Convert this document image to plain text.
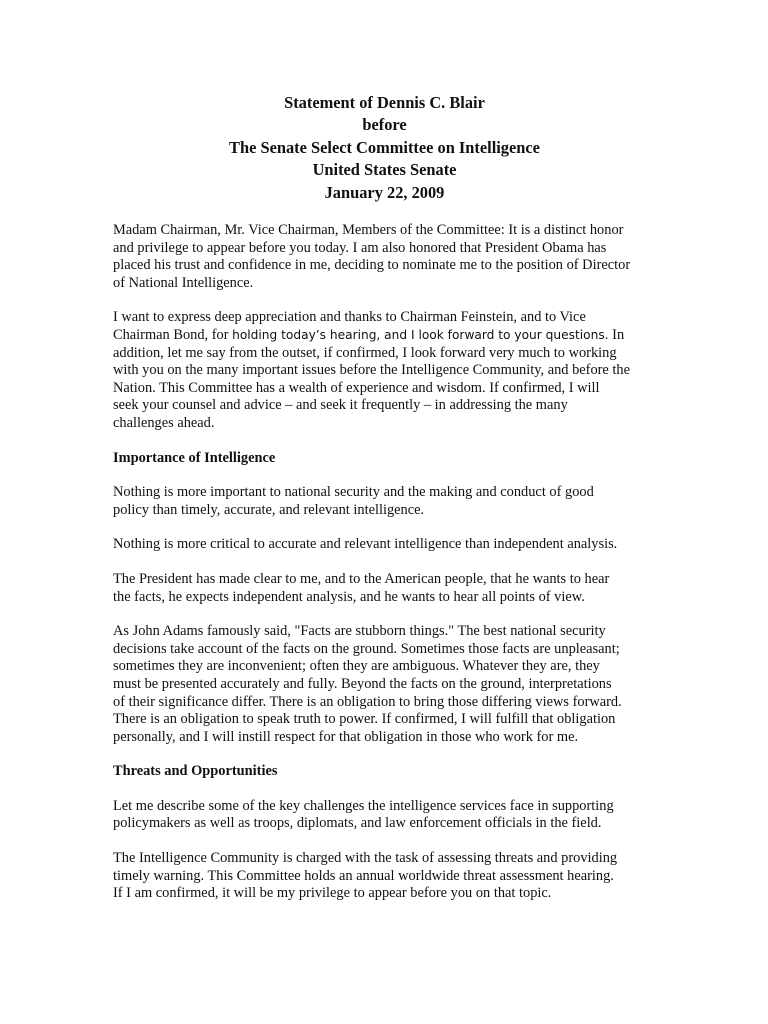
Statement of Dennis C. Blair
before
The Senate Select Committee on Intelligence
United States Senate
January 22, 2009

Madam Chairman, Mr. Vice Chairman, Members of the Committee: It is a distinct honor
and privilege to appear before you today. I am also honored that President Obama has
placed his trust and confidence in me, deciding to nominate me to the position of Director
of National Intelligence.

I want to express deep appreciation and thanks to Chairman Feinstein, and to Vice
Chairman Bond, for holding today’s hearing, and I look forward to your questions. In
addition, let me say from the outset, if confirmed, I look forward very much to working
with you on the many important issues before the Intelligence Community, and before the
Nation. This Committee has a wealth of experience and wisdom. If confirmed, I will
seek your counsel and advice – and seek it frequently – in addressing the many
challenges ahead.

Importance of Intelligence

Nothing is more important to national security and the making and conduct of good
policy than timely, accurate, and relevant intelligence.

Nothing is more critical to accurate and relevant intelligence than independent analysis.

The President has made clear to me, and to the American people, that he wants to hear
the facts, he expects independent analysis, and he wants to hear all points of view.

As John Adams famously said, "Facts are stubborn things." The best national security
decisions take account of the facts on the ground. Sometimes those facts are unpleasant;
sometimes they are inconvenient; often they are ambiguous. Whatever they are, they
must be presented accurately and fully. Beyond the facts on the ground, interpretations
of their significance differ. There is an obligation to bring those differing views forward.
There is an obligation to speak truth to power. If confirmed, I will fulfill that obligation
personally, and I will instill respect for that obligation in those who work for me.

Threats and Opportunities

Let me describe some of the key challenges the intelligence services face in supporting
policymakers as well as troops, diplomats, and law enforcement officials in the field.

The Intelligence Community is charged with the task of assessing threats and providing
timely warning. This Committee holds an annual worldwide threat assessment hearing.
If I am confirmed, it will be my privilege to appear before you on that topic.
